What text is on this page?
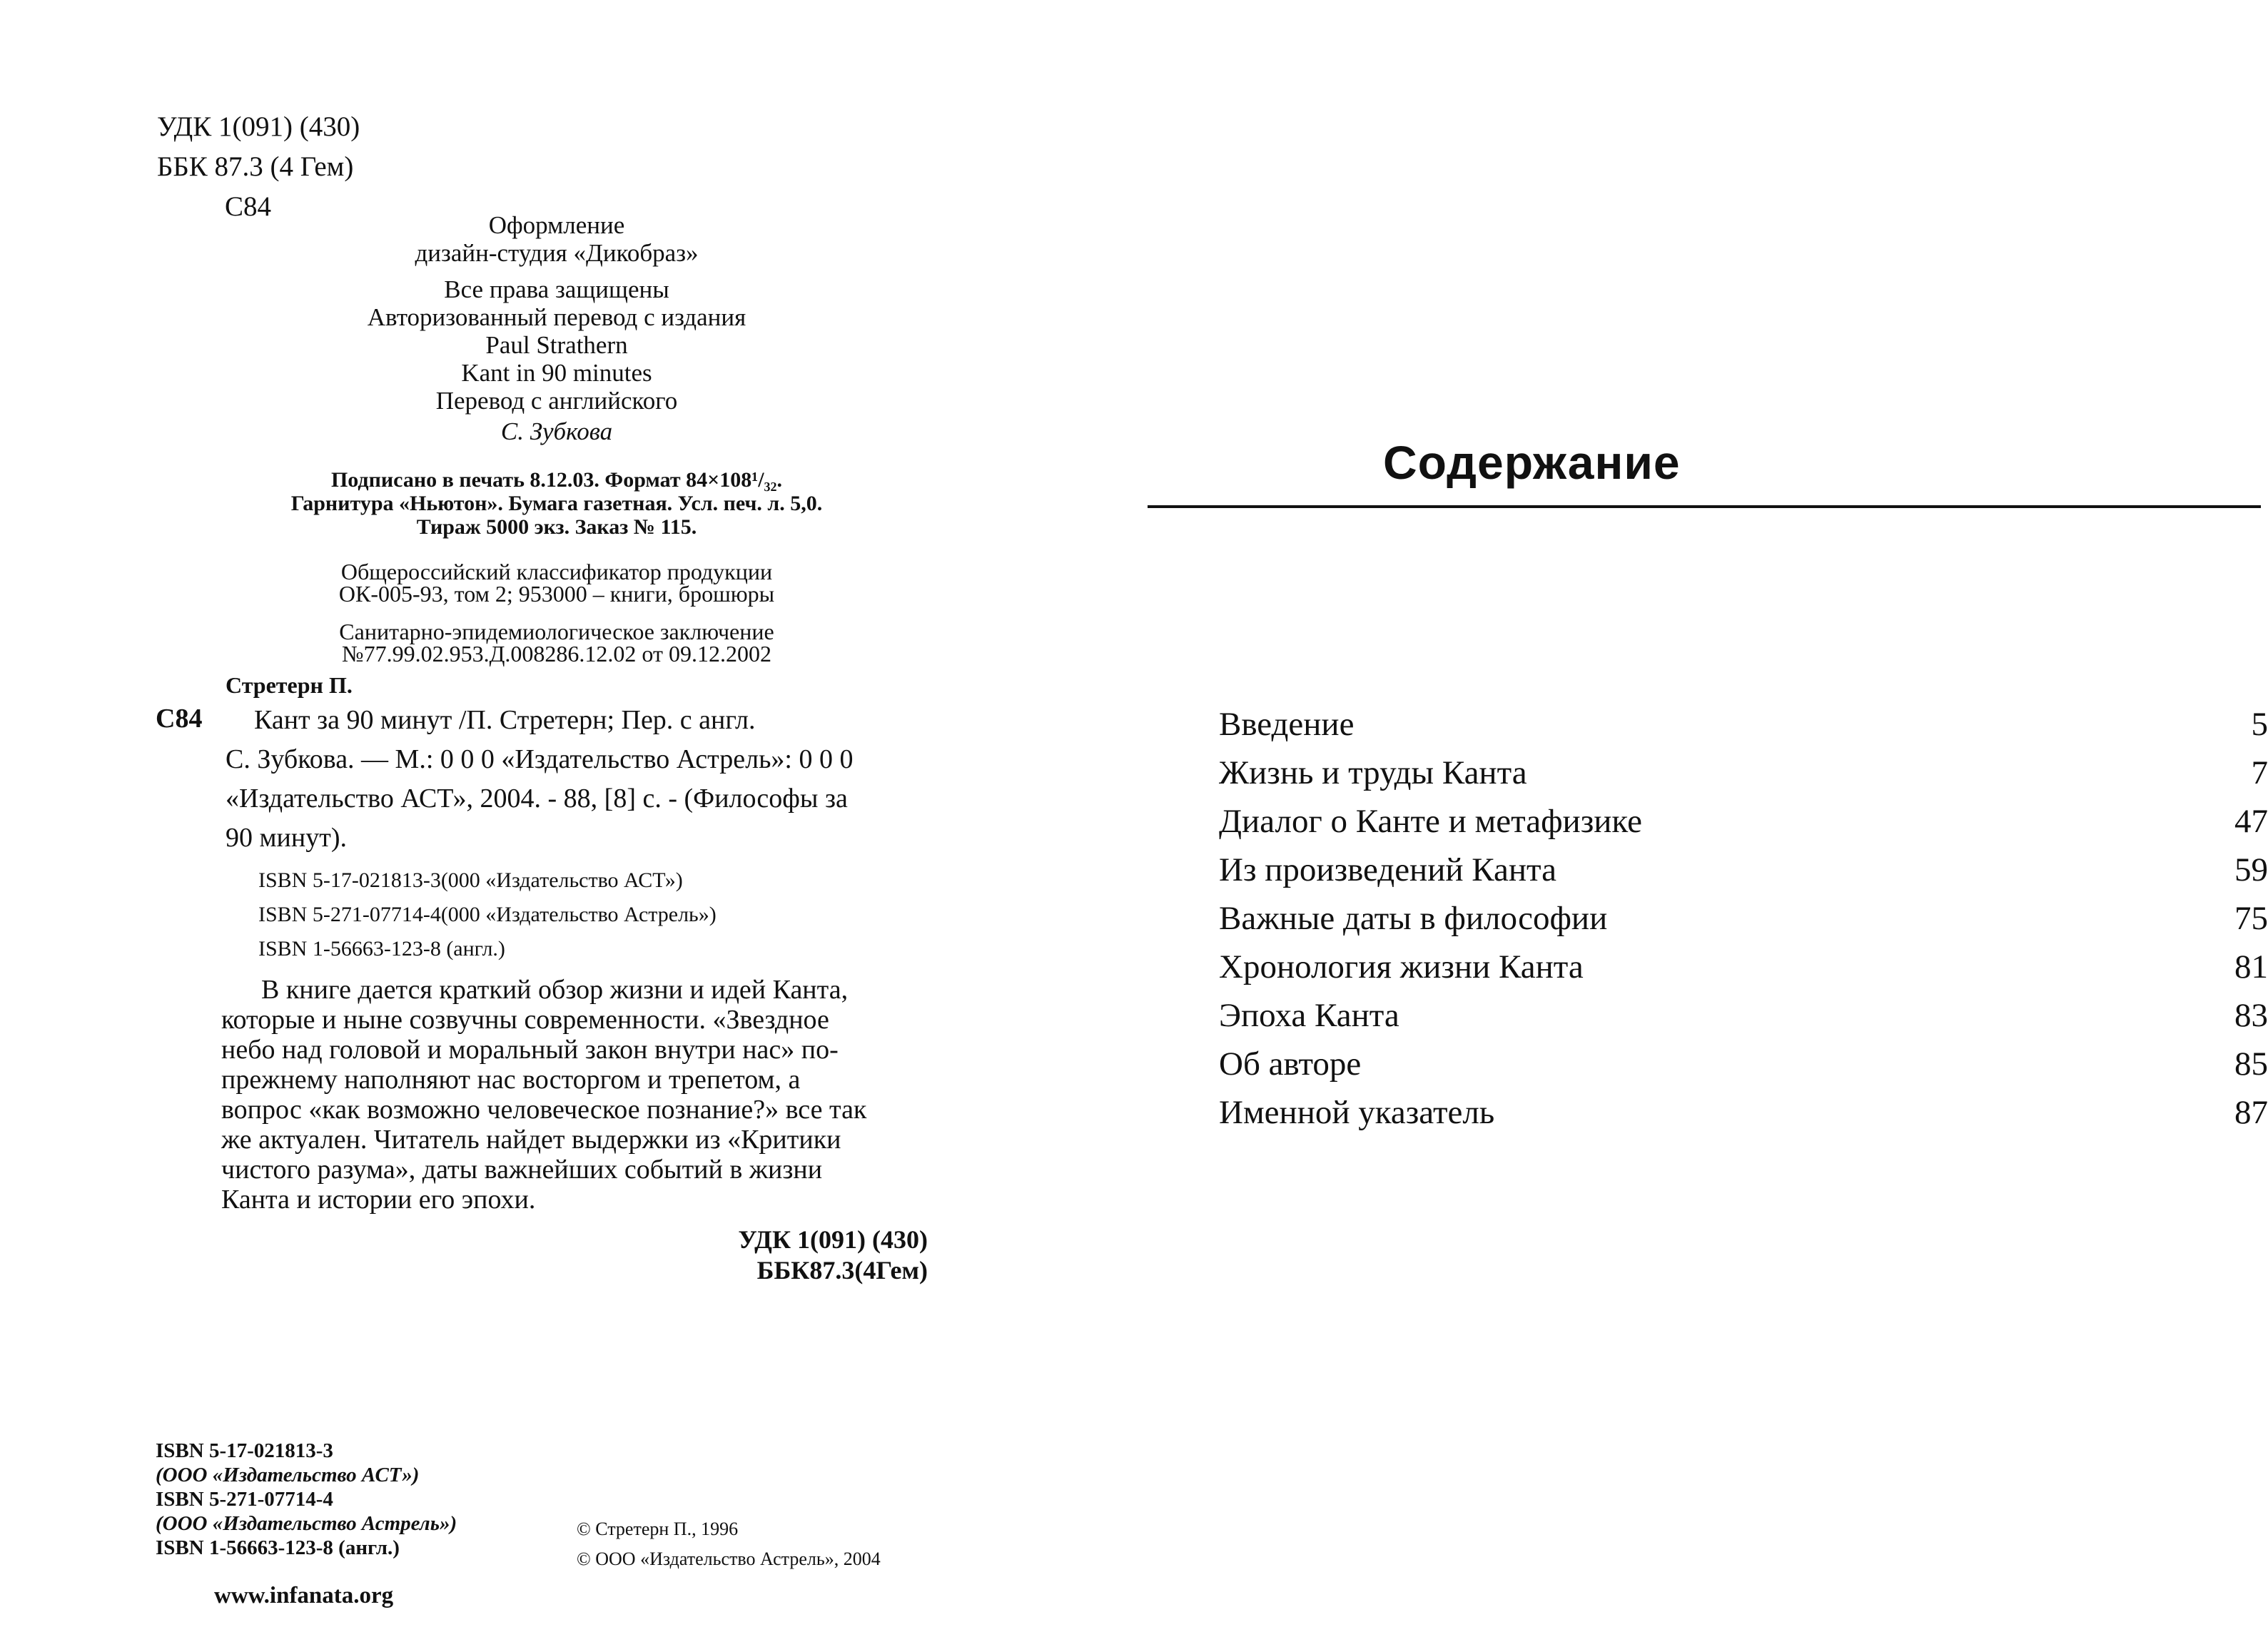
УДК 1(091) (430)
ББК 87.3 (4 Гем)
С84
Оформление
дизайн-студия «Дикобраз»
Все права защищены
Авторизованный перевод с издания
Paul Strathern
Kant in 90 minutes
Перевод с английского
С. Зубкова
Подписано в печать 8.12.03. Формат 84×108¹/₃₂.
Гарнитура «Ньютон». Бумага газетная. Усл. печ. л. 5,0.
Тираж 5000 экз. Заказ № 115.
Общероссийский классификатор продукции
ОК-005-93, том 2; 953000 – книги, брошюры
Санитарно-эпидемиологическое заключение
№77.99.02.953.Д.008286.12.02 от 09.12.2002
Стретерн П.
С84	Кант за 90 минут /П. Стретерн; Пер. с англ.
С. Зубкова. — М.: 0 0 0 «Издательство Астрель»: 0 0 0
«Издательство АСТ», 2004. - 88, [8] с. - (Философы за
90 минут).
ISBN 5-17-021813-3(000 «Издательство АСТ»)
ISBN 5-271-07714-4(000 «Издательство Астрель»)
ISBN 1-56663-123-8 (англ.)
В книге дается краткий обзор жизни и идей Канта,
которые и ныне созвучны современности. «Звездное
небо над головой и моральный закон внутри нас» по-
прежнему наполняют нас восторгом и трепетом, а
вопрос «как возможно человеческое познание?» все так
же актуален. Читатель найдет выдержки из «Критики
чистого разума», даты важнейших событий в жизни
Канта и истории его эпохи.
УДК 1(091) (430)
ББК87.3(4Гем)
ISBN 5-17-021813-3
(ООО «Издательство АСТ»)
ISBN 5-271-07714-4
(ООО «Издательство Астрель»)
ISBN 1-56663-123-8 (англ.)
© Стретерн П., 1996
© ООО «Издательство Астрель», 2004
www.infanata.org
Содержание
Введение	5
Жизнь и труды Канта	7
Диалог о Канте и метафизике	47
Из произведений Канта	59
Важные даты в философии	75
Хронология жизни Канта	81
Эпоха Канта	83
Об авторе	85
Именной указатель	87
